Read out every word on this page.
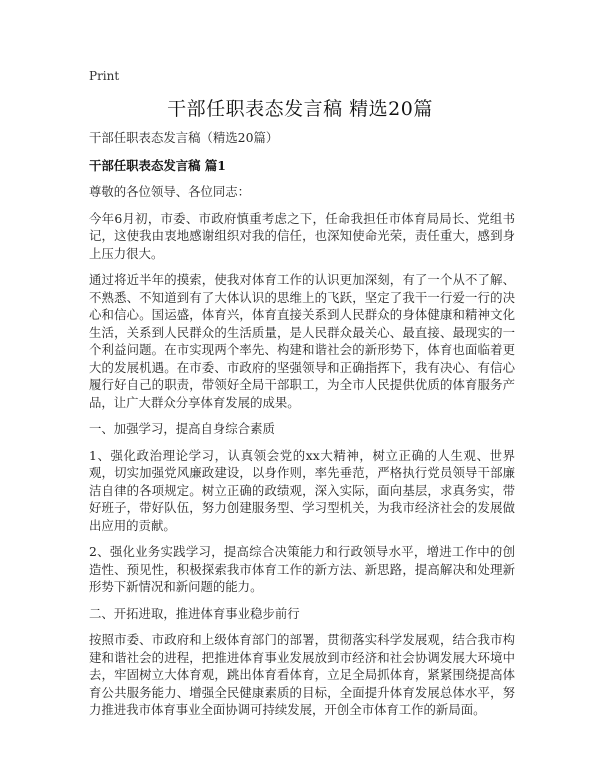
Print
干部任职表态发言稿 精选20篇

干部任职表态发言稿（精选20篇）

干部任职表态发言稿 篇1

尊敬的各位领导、各位同志：

今年6月初，市委、市政府慎重考虑之下，任命我担任市体育局局长、党组书记，这使我由衷地感谢组织对我的信任，也深知使命光荣，责任重大，感到身上压力很大。

通过将近半年的摸索，使我对体育工作的认识更加深刻，有了一个从不了解、不熟悉、不知道到有了大体认识的思维上的飞跃，坚定了我干一行爱一行的决心和信心。国运盛，体育兴，体育直接关系到人民群众的身体健康和精神文化生活，关系到人民群众的生活质量，是人民群众最关心、最直接、最现实的一个利益问题。在市实现两个率先、构建和谐社会的新形势下，体育也面临着更大的发展机遇。在市委、市政府的坚强领导和正确指挥下，我有决心、有信心履行好自己的职责，带领好全局干部职工，为全市人民提供优质的体育服务产品，让广大群众分享体育发展的成果。

一、加强学习，提高自身综合素质

1、强化政治理论学习，认真领会党的xx大精神，树立正确的人生观、世界观，切实加强党风廉政建设，以身作则，率先垂范，严格执行党员领导干部廉洁自律的各项规定。树立正确的政绩观，深入实际，面向基层，求真务实，带好班子，带好队伍，努力创建服务型、学习型机关，为我市经济社会的发展做出应用的贡献。

2、强化业务实践学习，提高综合决策能力和行政领导水平，增进工作中的创造性、预见性，积极探索我市体育工作的新方法、新思路，提高解决和处理新形势下新情况和新问题的能力。

二、开拓进取，推进体育事业稳步前行

按照市委、市政府和上级体育部门的部署，贯彻落实科学发展观，结合我市构建和谐社会的进程，把推进体育事业发展放到市经济和社会协调发展大环境中去，牢固树立大体育观，跳出体育看体育，立足全局抓体育，紧紧围绕提高体育公共服务能力、增强全民健康素质的目标，全面提升体育发展总体水平，努力推进我市体育事业全面协调可持续发展，开创全市体育工作的新局面。
